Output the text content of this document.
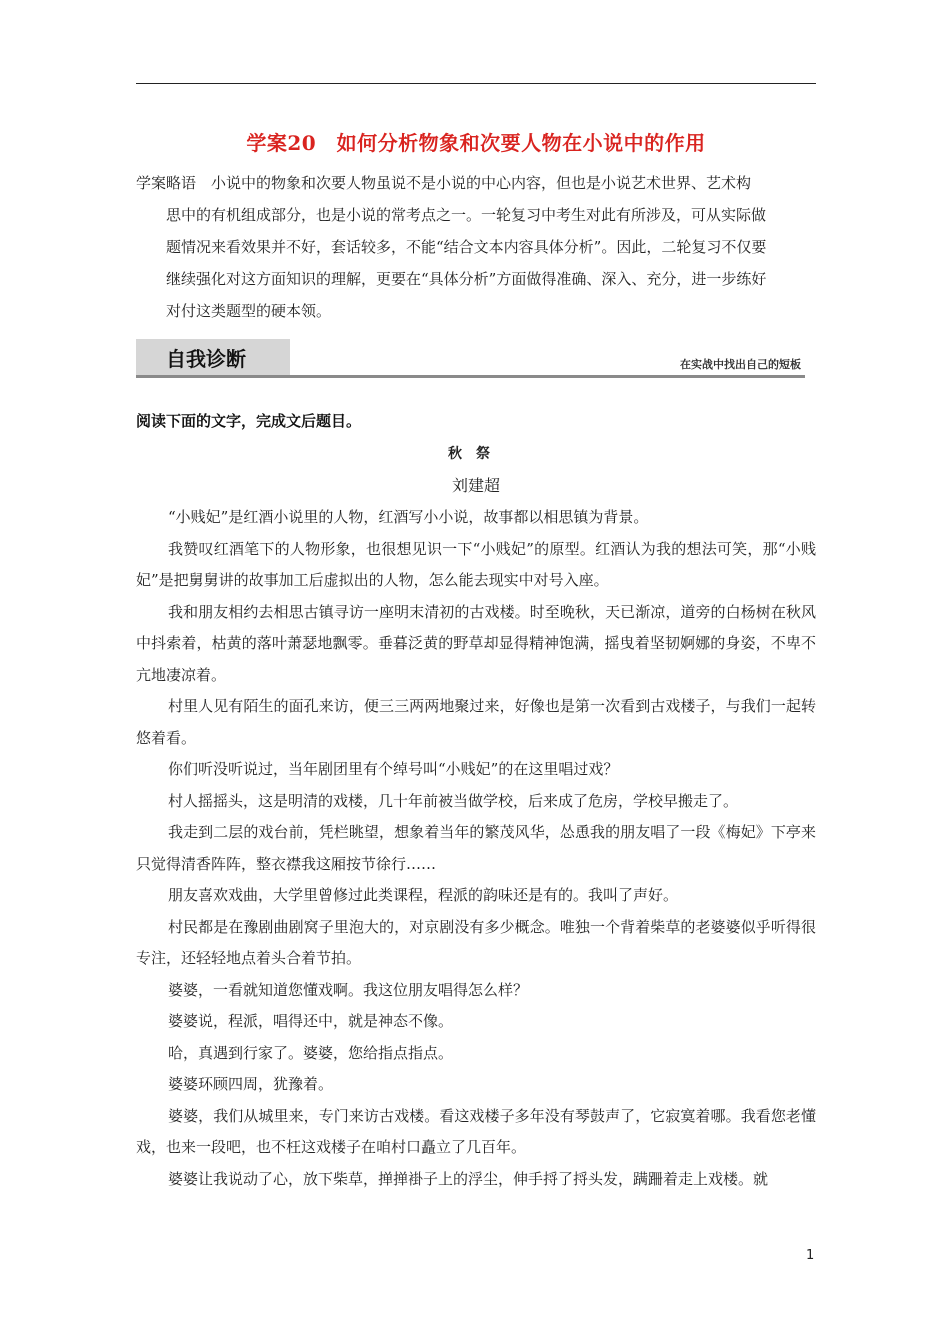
学案20　如何分析物象和次要人物在小说中的作用
学案略语　小说中的物象和次要人物虽说不是小说的中心内容，但也是小说艺术世界、艺术构
思中的有机组成部分，也是小说的常考点之一。一轮复习中考生对此有所涉及，可从实际做
题情况来看效果并不好，套话较多，不能“结合文本内容具体分析”。因此，二轮复习不仅要
继续强化对这方面知识的理解，更要在“具体分析”方面做得准确、深入、充分，进一步练好
对付这类题型的硬本领。
自我诊断	在实战中找出自己的短板
阅读下面的文字，完成文后题目。
秋祭
刘建超

“小贱妃”是红酒小说里的人物，红酒写小小说，故事都以相思镇为背景。

我赞叹红酒笔下的人物形象，也很想见识一下“小贱妃”的原型。红酒认为我的想法可笑，那“小贱妃”是把舅舅讲的故事加工后虚拟出的人物，怎么能去现实中对号入座。

我和朋友相约去相思古镇寻访一座明末清初的古戏楼。时至晚秋，天已渐凉，道旁的白杨树在秋风中抖索着，枯黄的落叶萧瑟地飘零。垂暮泛黄的野草却显得精神饱满，摇曳着坚韧婀娜的身姿，不卑不亢地凄凉着。

村里人见有陌生的面孔来访，便三三两两地聚过来，好像也是第一次看到古戏楼子，与我们一起转悠着看。

你们听没听说过，当年剧团里有个绰号叫“小贱妃”的在这里唱过戏？

村人摇摇头，这是明清的戏楼，几十年前被当做学校，后来成了危房，学校早搬走了。

我走到二层的戏台前，凭栏眺望，想象着当年的繁茂风华，怂恿我的朋友唱了一段《梅妃》下亭来只觉得清香阵阵，整衣襟我这厢按节徐行……

朋友喜欢戏曲，大学里曾修过此类课程，程派的韵味还是有的。我叫了声好。

村民都是在豫剧曲剧窝子里泡大的，对京剧没有多少概念。唯独一个背着柴草的老婆婆似乎听得很专注，还轻轻地点着头合着节拍。

婆婆，一看就知道您懂戏啊。我这位朋友唱得怎么样？

婆婆说，程派，唱得还中，就是神态不像。

哈，真遇到行家了。婆婆，您给指点指点。

婆婆环顾四周，犹豫着。

婆婆，我们从城里来，专门来访古戏楼。看这戏楼子多年没有琴鼓声了，它寂寞着哪。我看您老懂戏，也来一段吧，也不枉这戏楼子在咱村口矗立了几百年。

婆婆让我说动了心，放下柴草，掸掸褂子上的浮尘，伸手捋了捋头发，蹒跚着走上戏楼。就

1
